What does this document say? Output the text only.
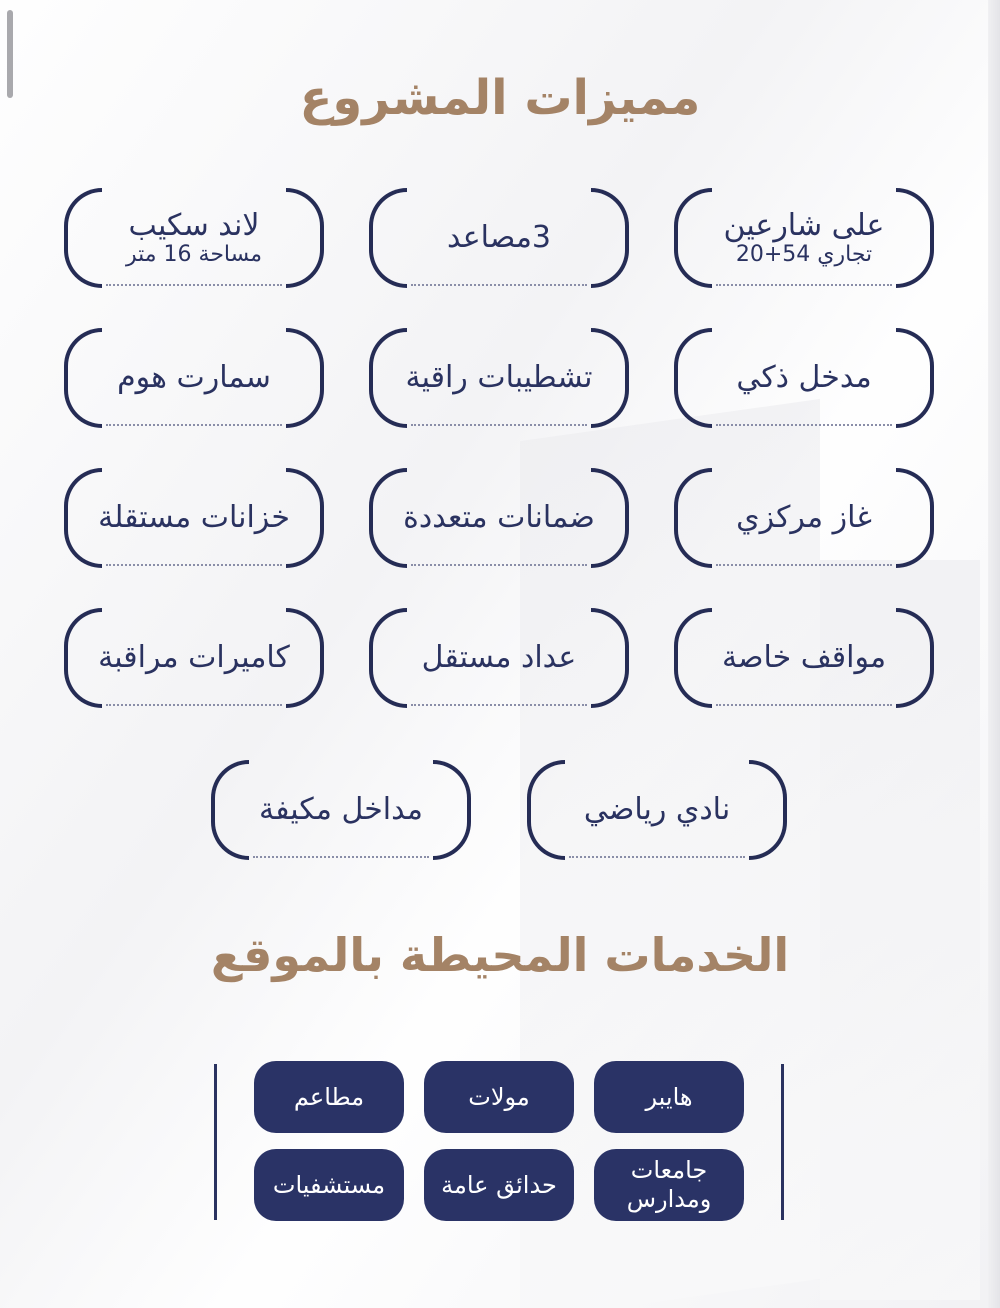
مميزات المشروع
على شارعين
تجاري 54+20
3مصاعد
لاند سكيب
مساحة 16 متر
مدخل ذكي
تشطيبات راقية
سمارت هوم
غاز مركزي
ضمانات متعددة
خزانات مستقلة
مواقف خاصة
عداد مستقل
كاميرات مراقبة
نادي رياضي
مداخل مكيفة
الخدمات المحيطة بالموقع
هايبر
مولات
مطاعم
جامعات ومدارس
حدائق عامة
مستشفيات
